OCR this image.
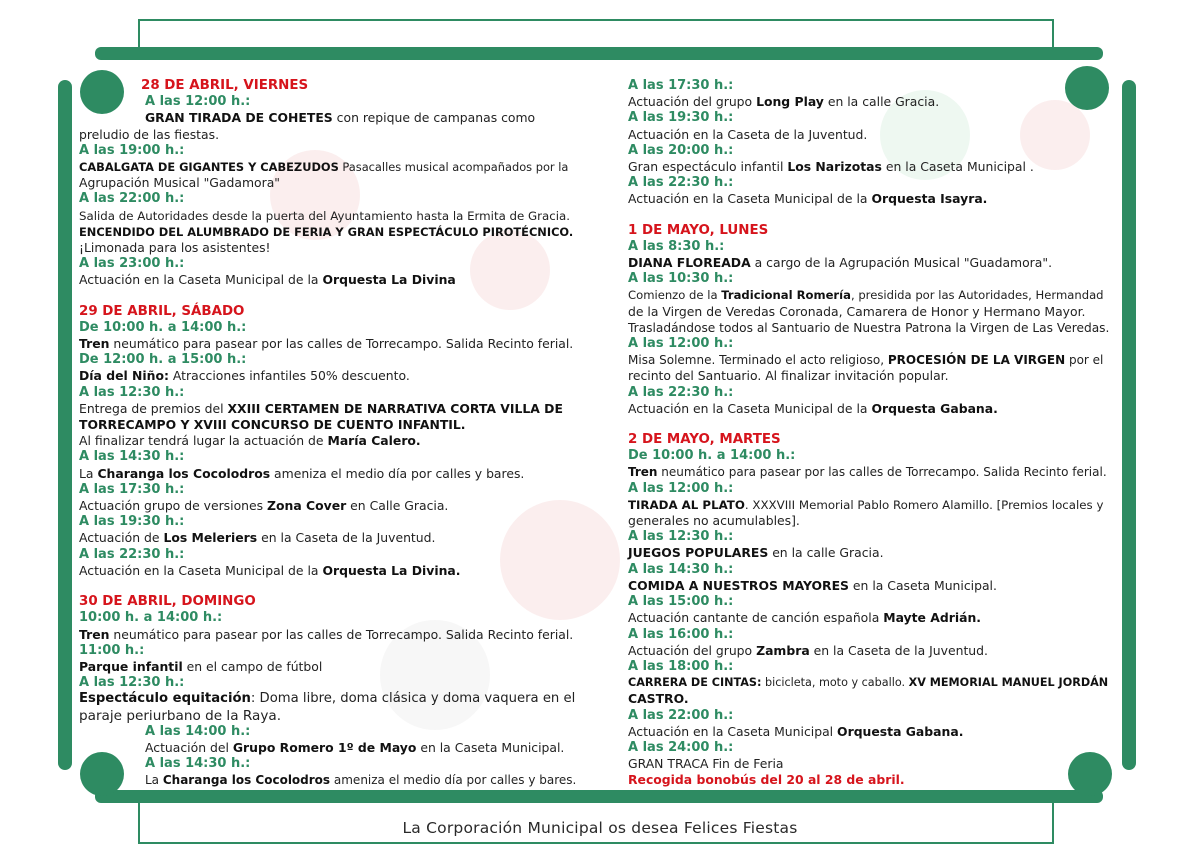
28 DE ABRIL, VIERNES
A las 12:00 h.:
GRAN TIRADA DE COHETES con repique de campanas como
preludio de las fiestas.
A las 19:00 h.:
CABALGATA DE GIGANTES Y CABEZUDOS Pasacalles musical acompañados por la
Agrupación Musical "Gadamora"
A las 22:00 h.:
Salida de Autoridades desde la puerta del Ayuntamiento hasta la Ermita de Gracia.
ENCENDIDO DEL ALUMBRADO DE FERIA Y GRAN ESPECTÁCULO PIROTÉCNICO.
¡Limonada para los asistentes!
A las 23:00 h.:
Actuación en la Caseta Municipal de la Orquesta La Divina
29 DE ABRIL, SÁBADO
De 10:00 h. a 14:00 h.:
Tren neumático para pasear por las calles de Torrecampo. Salida Recinto ferial.
De 12:00 h. a 15:00 h.:
Día del Niño: Atracciones infantiles 50% descuento.
A las 12:30 h.:
Entrega de premios del XXIII CERTAMEN DE NARRATIVA CORTA VILLA DE
TORRECAMPO Y XVIII CONCURSO DE CUENTO INFANTIL.
Al finalizar tendrá lugar la actuación de María Calero.
A las 14:30 h.:
La Charanga los Cocolodros ameniza el medio día por calles y bares.
A las 17:30 h.:
Actuación grupo de versiones Zona Cover en Calle Gracia.
A las 19:30 h.:
Actuación de Los Meleriers en la Caseta de la Juventud.
A las 22:30 h.:
Actuación en la Caseta Municipal de la Orquesta La Divina.
30 DE ABRIL, DOMINGO
10:00 h. a 14:00 h.:
Tren neumático para pasear por las calles de Torrecampo. Salida Recinto ferial.
11:00 h.:
Parque infantil en el campo de fútbol
A las 12:30 h.:
Espectáculo equitación: Doma libre, doma clásica y doma vaquera en el
paraje periurbano de la Raya.
A las 14:00 h.:
Actuación del Grupo Romero 1º de Mayo en la Caseta Municipal.
A las 14:30 h.:
La Charanga los Cocolodros ameniza el medio día por calles y bares.
A las 17:30 h.:
Actuación del grupo Long Play en la calle Gracia.
A las 19:30 h.:
Actuación en la Caseta de la Juventud.
A las 20:00 h.:
Gran espectáculo infantil Los Narizotas en la Caseta Municipal .
A las 22:30 h.:
Actuación en la Caseta Municipal de la Orquesta Isayra.
1 DE MAYO, LUNES
A las 8:30 h.:
DIANA FLOREADA a cargo de la Agrupación Musical "Guadamora".
A las 10:30 h.:
Comienzo de la Tradicional Romería, presidida por las Autoridades, Hermandad
de la Virgen de Veredas Coronada, Camarera de Honor y Hermano Mayor.
Trasladándose todos al Santuario de Nuestra Patrona la Virgen de Las Veredas.
A las 12:00 h.:
Misa Solemne. Terminado el acto religioso, PROCESIÓN DE LA VIRGEN por el
recinto del Santuario. Al finalizar invitación popular.
A las 22:30 h.:
Actuación en la Caseta Municipal de la Orquesta Gabana.
2 DE MAYO, MARTES
De 10:00 h. a 14:00 h.:
Tren neumático para pasear por las calles de Torrecampo. Salida Recinto ferial.
A las 12:00 h.:
TIRADA AL PLATO. XXXVIII Memorial Pablo Romero Alamillo. [Premios locales y
generales no acumulables].
A las 12:30 h.:
JUEGOS POPULARES en la calle Gracia.
A las 14:30 h.:
COMIDA A NUESTROS MAYORES en la Caseta Municipal.
A las 15:00 h.:
Actuación cantante de canción española Mayte Adrián.
A las 16:00 h.:
Actuación del grupo Zambra en la Caseta de la Juventud.
A las 18:00 h.:
CARRERA DE CINTAS: bicicleta, moto y caballo. XV MEMORIAL MANUEL JORDÁN
CASTRO.
A las 22:00 h.:
Actuación en la Caseta Municipal Orquesta Gabana.
A las 24:00 h.:
GRAN TRACA Fin de Feria
Recogida bonobús del 20 al 28 de abril.
La Corporación Municipal os desea Felices Fiestas
